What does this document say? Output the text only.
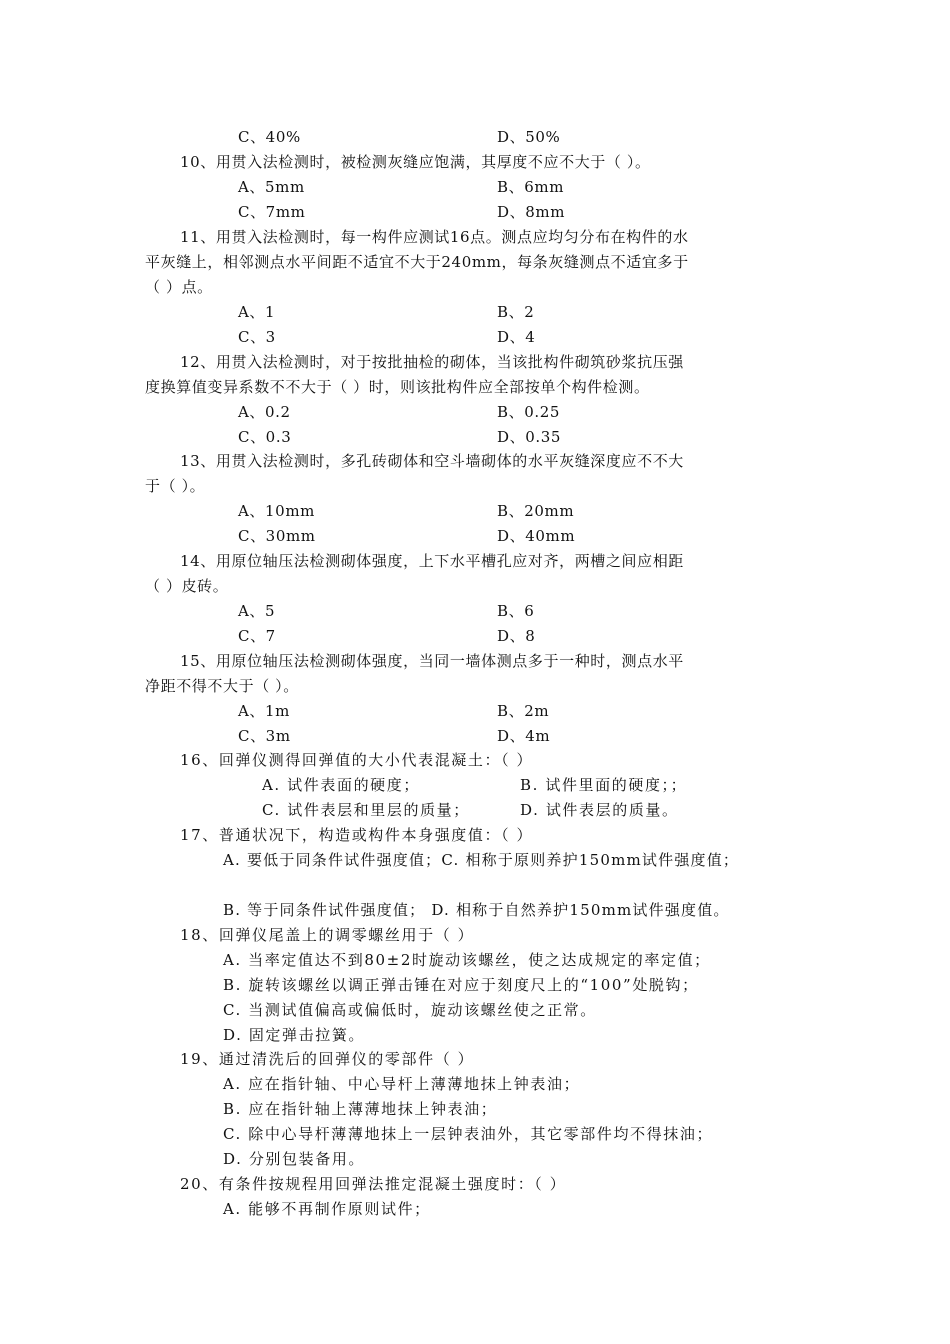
C、40%	D、50%
10、用贯入法检测时，被检测灰缝应饱满，其厚度不应不大于（ ）。
A、5mm	B、6mm
C、7mm	D、8mm
11、用贯入法检测时，每一构件应测试16点。测点应均匀分布在构件的水
平灰缝上，相邻测点水平间距不适宜不大于240mm，每条灰缝测点不适宜多于
（ ）点。
A、1	B、2
C、3	D、4
12、用贯入法检测时，对于按批抽检的砌体，当该批构件砌筑砂浆抗压强
度换算值变异系数不不大于（ ）时，则该批构件应全部按单个构件检测。
A、0.2	B、0.25
C、0.3	D、0.35
13、用贯入法检测时，多孔砖砌体和空斗墙砌体的水平灰缝深度应不不大
于（ ）。
A、10mm	B、20mm
C、30mm	D、40mm
14、用原位轴压法检测砌体强度，上下水平槽孔应对齐，两槽之间应相距
（ ）皮砖。
A、5	B、6
C、7	D、8
15、用原位轴压法检测砌体强度，当同一墙体测点多于一种时，测点水平
净距不得不大于（ ）。
A、1m	B、2m
C、3m	D、4m
16、回弹仪测得回弹值的大小代表混凝土：（ ）
A. 试件表面的硬度；	B. 试件里面的硬度；；
C. 试件表层和里层的质量；	D. 试件表层的质量。
17、普通状况下，构造或构件本身强度值：（ ）
A. 要低于同条件试件强度值；C. 相称于原则养护150mm试件强度值；
B. 等于同条件试件强度值； D. 相称于自然养护150mm试件强度值。
18、回弹仪尾盖上的调零螺丝用于（ ）
A. 当率定值达不到80±2时旋动该螺丝，使之达成规定的率定值；
B. 旋转该螺丝以调正弹击锤在对应于刻度尺上的“100”处脱钩；
C. 当测试值偏高或偏低时，旋动该螺丝使之正常。
D. 固定弹击拉簧。
19、通过清洗后的回弹仪的零部件（ ）
A. 应在指针轴、中心导杆上薄薄地抹上钟表油；
B. 应在指针轴上薄薄地抹上钟表油；
C. 除中心导杆薄薄地抹上一层钟表油外，其它零部件均不得抹油；
D. 分别包装备用。
20、有条件按规程用回弹法推定混凝土强度时：（ ）
A. 能够不再制作原则试件；
